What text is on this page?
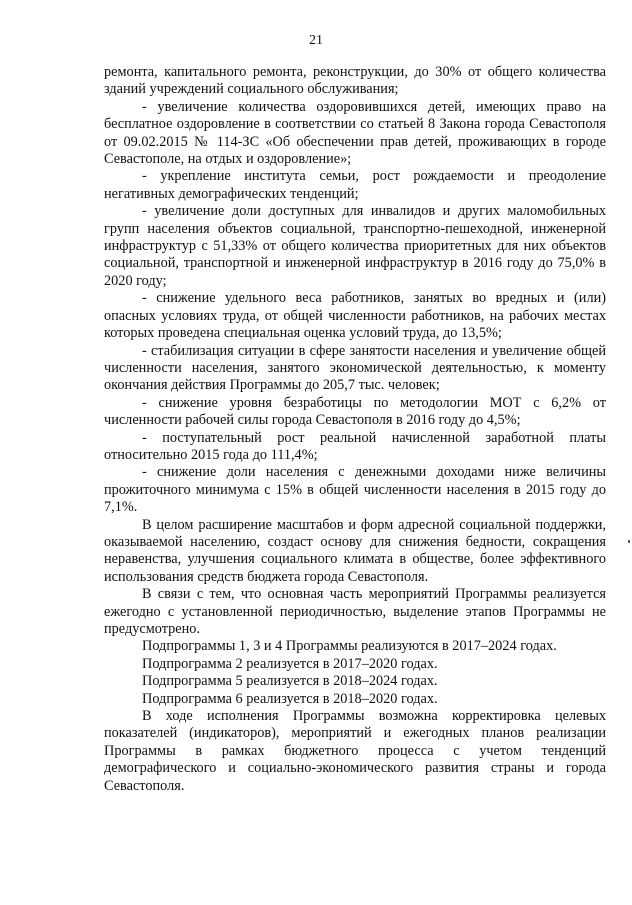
21

ремонта, капитального ремонта, реконструкции, до 30% от общего количества зданий учреждений социального обслуживания;

- увеличение количества оздоровившихся детей, имеющих право на бесплатное оздоровление в соответствии со статьей 8 Закона города Севастополя от 09.02.2015 № 114-ЗС «Об обеспечении прав детей, проживающих в городе Севастополе, на отдых и оздоровление»;

- укрепление института семьи, рост рождаемости и преодоление негативных демографических тенденций;

- увеличение доли доступных для инвалидов и других маломобильных групп населения объектов социальной, транспортно-пешеходной, инженерной инфраструктур с 51,33% от общего количества приоритетных для них объектов социальной, транспортной и инженерной инфраструктур в 2016 году до 75,0% в 2020 году;

- снижение удельного веса работников, занятых во вредных и (или) опасных условиях труда, от общей численности работников, на рабочих местах которых проведена специальная оценка условий труда, до 13,5%;

- стабилизация ситуации в сфере занятости населения и увеличение общей численности населения, занятого экономической деятельностью, к моменту окончания действия Программы до 205,7 тыс. человек;

- снижение уровня безработицы по методологии МОТ с 6,2% от численности рабочей силы города Севастополя в 2016 году до 4,5%;

- поступательный рост реальной начисленной заработной платы относительно 2015 года до 111,4%;

- снижение доли населения с денежными доходами ниже величины прожиточного минимума с 15% в общей численности населения в 2015 году до 7,1%.

В целом расширение масштабов и форм адресной социальной поддержки, оказываемой населению, создаст основу для снижения бедности, сокращения неравенства, улучшения социального климата в обществе, более эффективного использования средств бюджета города Севастополя.

В связи с тем, что основная часть мероприятий Программы реализуется ежегодно с установленной периодичностью, выделение этапов Программы не предусмотрено.

Подпрограммы 1, 3 и 4 Программы реализуются в 2017–2024 годах.

Подпрограмма 2 реализуется в 2017–2020 годах.

Подпрограмма 5 реализуется в 2018–2024 годах.

Подпрограмма 6 реализуется в 2018–2020 годах.

В ходе исполнения Программы возможна корректировка целевых показателей (индикаторов), мероприятий и ежегодных планов реализации Программы в рамках бюджетного процесса с учетом тенденций демографического и социально-экономического развития страны и города Севастополя.
